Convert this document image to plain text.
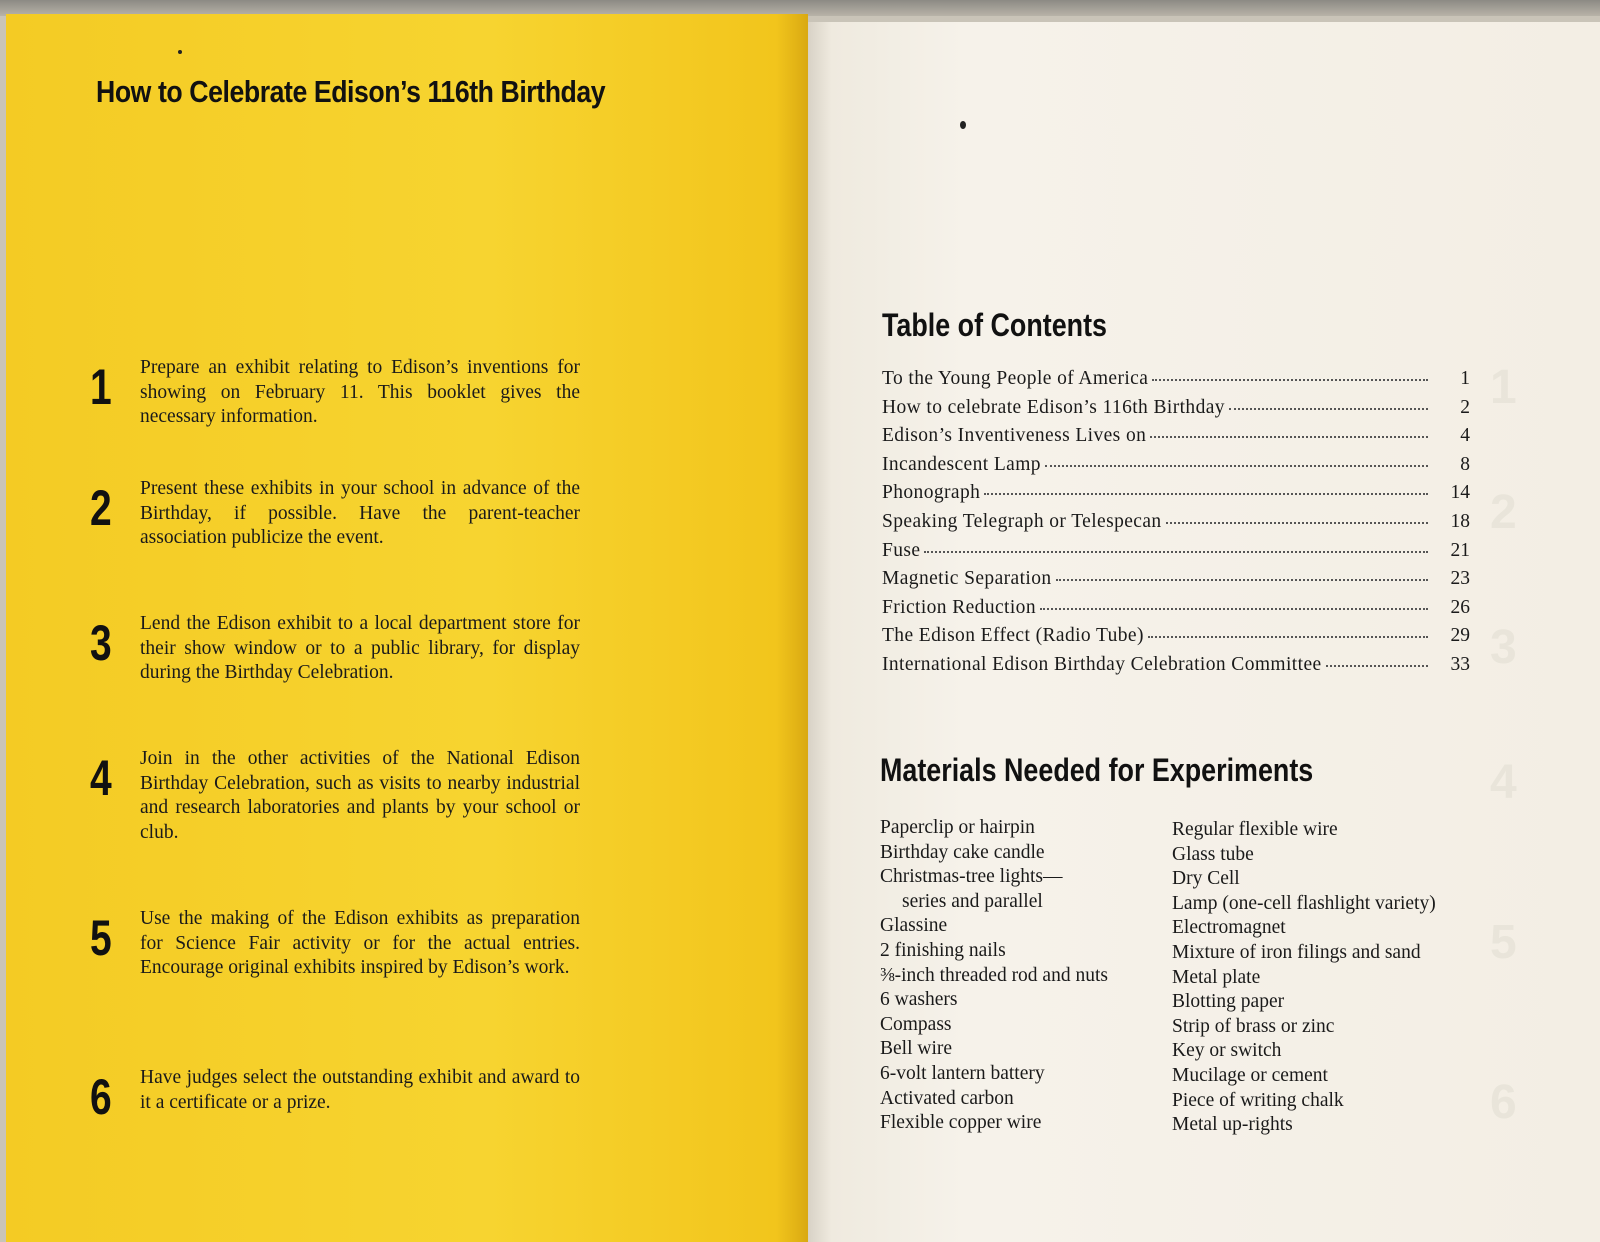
How to Celebrate Edison’s 116th Birthday
1 Prepare an exhibit relating to Edison’s inventions for showing on February 11. This booklet gives the necessary information.
2 Present these exhibits in your school in advance of the Birthday, if possible. Have the parent-teacher association publicize the event.
3 Lend the Edison exhibit to a local department store for their show window or to a public library, for display during the Birthday Celebration.
4 Join in the other activities of the National Edison Birthday Celebration, such as visits to nearby industrial and research laboratories and plants by your school or club.
5 Use the making of the Edison exhibits as preparation for Science Fair activity or for the actual entries. Encourage original exhibits inspired by Edison’s work.
6 Have judges select the outstanding exhibit and award to it a certificate or a prize.
1
2
3
4
5
6
Table of Contents
To the Young People of America	1
How to celebrate Edison’s 116th Birthday	2
Edison’s Inventiveness Lives on	4
Incandescent Lamp	8
Phonograph	14
Speaking Telegraph or Telespecan	18
Fuse	21
Magnetic Separation	23
Friction Reduction	26
The Edison Effect (Radio Tube)	29
International Edison Birthday Celebration Committee	33
Materials Needed for Experiments
Paperclip or hairpin
Birthday cake candle
Christmas-tree lights—
series and parallel
Glassine
2 finishing nails
⅜-inch threaded rod and nuts
6 washers
Compass
Bell wire
6-volt lantern battery
Activated carbon
Flexible copper wire
Regular flexible wire
Glass tube
Dry Cell
Lamp (one-cell flashlight variety)
Electromagnet
Mixture of iron filings and sand
Metal plate
Blotting paper
Strip of brass or zinc
Key or switch
Mucilage or cement
Piece of writing chalk
Metal up-rights
